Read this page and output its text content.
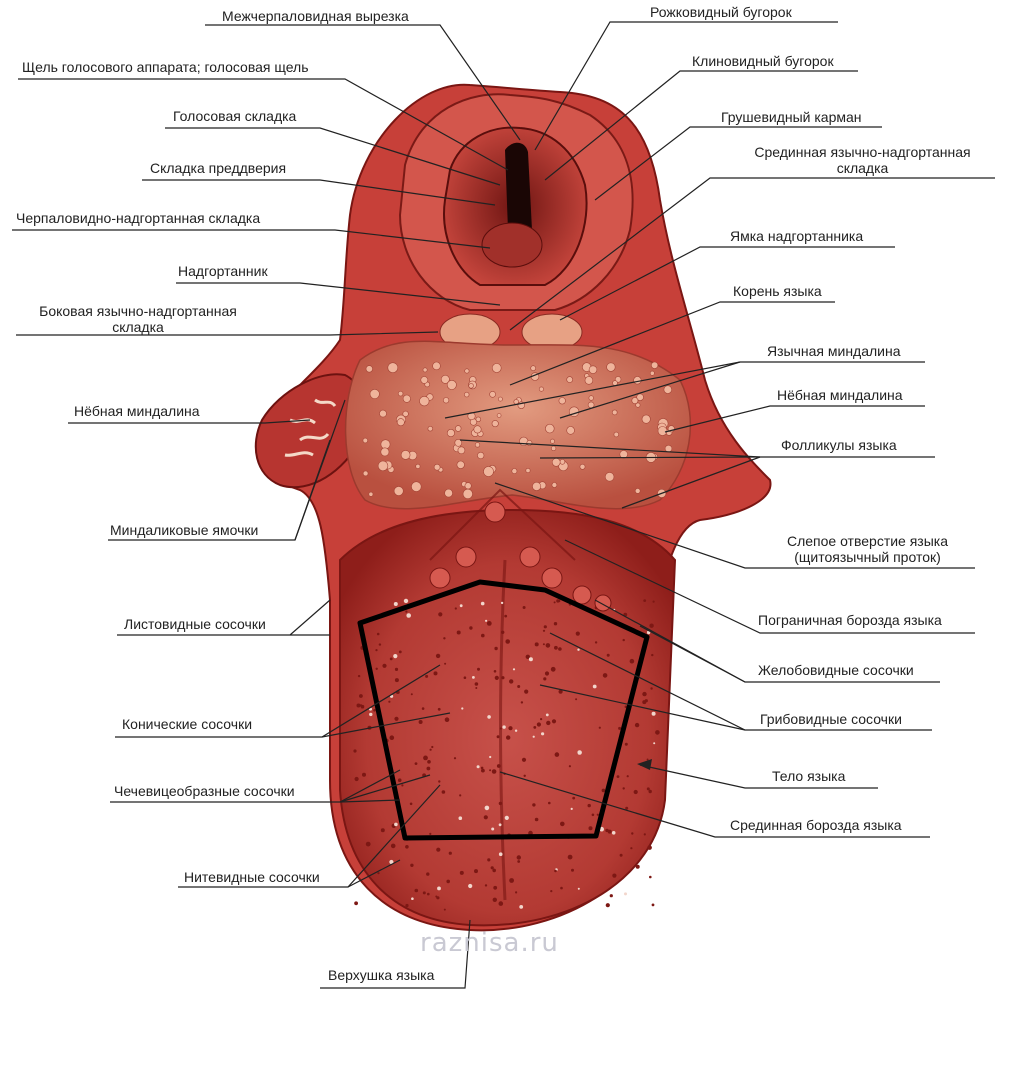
Межчерпаловидная вырезка
Щель голосового аппарата; голосовая щель
Голосовая складка
Складка преддверия
Черпаловидно-надгортанная складка
Надгортанник
Боковая язычно-надгортанная
складка
Нёбная миндалина
Миндаликовые ямочки
Листовидные сосочки
Конические сосочки
Чечевицеобразные сосочки
Нитевидные сосочки
Верхушка языка
Рожковидный бугорок
Клиновидный бугорок
Грушевидный карман
Срединная язычно-надгортанная
складка
Ямка надгортанника
Корень языка
Язычная миндалина
Нёбная миндалина
Фолликулы языка
Слепое отверстие языка
(щитоязычный проток)
Пограничная борозда языка
Желобовидные сосочки
Грибовидные сосочки
Тело языка
Срединная борозда языка
raznisa.ru
